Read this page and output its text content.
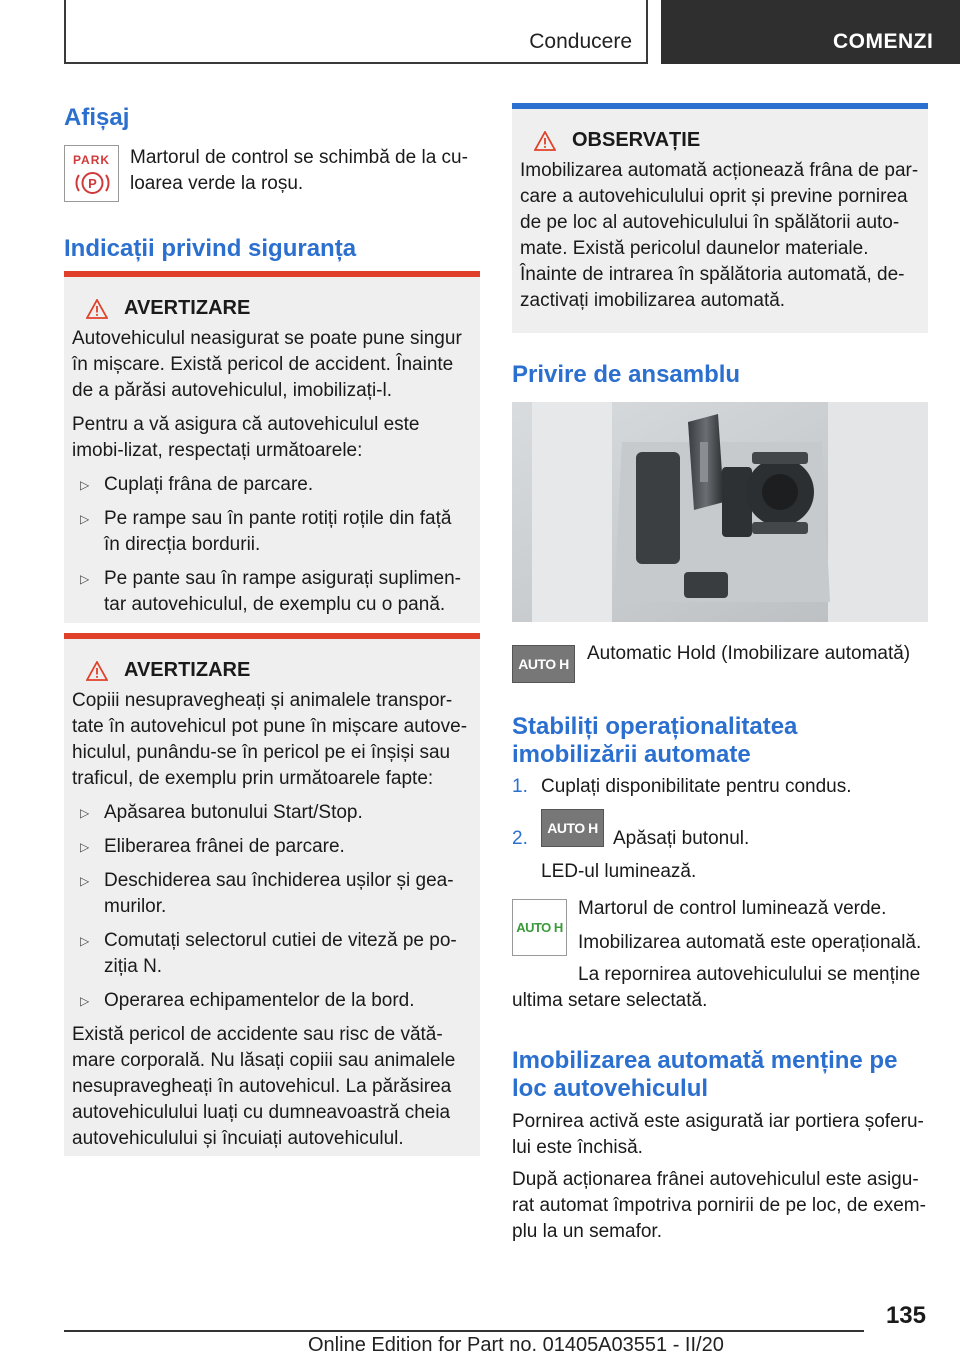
Conducere	COMENZI
Afișaj
PARK
P

Martorul de control se schimbă de la cu-loarea verde la roșu.

Indicații privind siguranța
AVERTIZARE

Autovehiculul neasigurat se poate pune singur în mișcare. Există pericol de accident. Înainte de a părăsi autovehiculul, imobilizați-l.

Pentru a vă asigura că autovehiculul este imobi-lizat, respectați următoarele:

▷ Cuplați frâna de parcare.
▷ Pe rampe sau în pante rotiți roțile din față în direcția bordurii.
▷ Pe pante sau în rampe asigurați suplimen-tar autovehiculul, de exemplu cu o pană.
AVERTIZARE

Copiii nesupravegheați și animalele transpor-tate în autovehicul pot pune în mișcare autove-hiculul, punându-se în pericol pe ei înșiși sau traficul, de exemplu prin următoarele fapte:

▷ Apăsarea butonului Start/Stop.
▷ Eliberarea frânei de parcare.
▷ Deschiderea sau închiderea ușilor și gea-murilor.
▷ Comutați selectorul cutiei de viteză pe po-ziția N.
▷ Operarea echipamentelor de la bord.

Există pericol de accidente sau risc de vătă-mare corporală. Nu lăsați copiii sau animalele nesupravegheați în autovehicul. La părăsirea autovehiculului luați cu dumneavoastră cheia autovehiculului și încuiați autovehiculul.

OBSERVAȚIE

Imobilizarea automată acționează frâna de par-care a autovehiculului oprit și previne pornirea de pe loc al autovehiculului în spălătorii auto-mate. Există pericolul daunelor materiale.

Înainte de intrarea în spălătoria automată, de-zactivați imobilizarea automată.

Privire de ansamblu
AUTO H Automatic Hold (Imobilizare automată)

Stabiliți operaționalitatea
imobilizării automate
1. Cuplați disponibilitate pentru condus.

2. AUTO H Apăsați butonul.

LED-ul luminează.

AUTO H

Martorul de control luminează verde.

Imobilizarea automată este operațională.

La repornirea autovehiculului se menține

ultima setare selectată.

Imobilizarea automată menține pe
loc autovehiculul

Pornirea activă este asigurată iar portiera șoferu-lui este închisă.

După acționarea frânei autovehiculul este asigu-rat automat împotriva pornirii de pe loc, de exem-plu la un semafor.

135
Online Edition for Part no. 01405A03551 - II/20
